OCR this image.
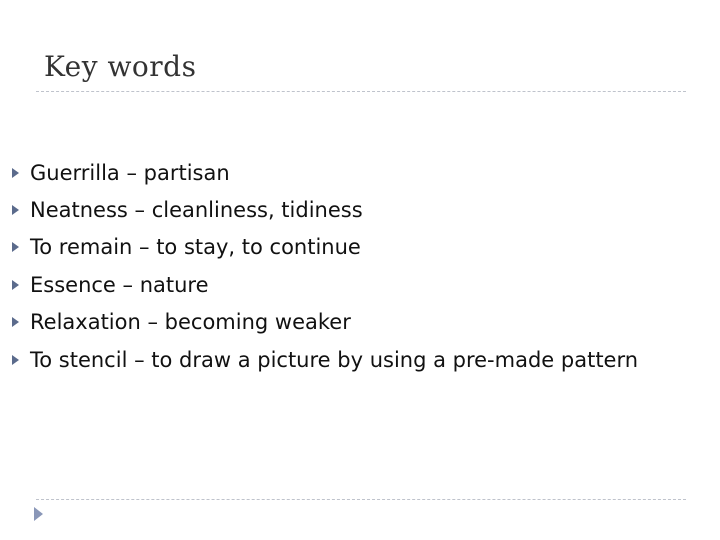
Key words
Guerrilla – partisan
Neatness – cleanliness, tidiness
To remain – to stay, to continue
Essence – nature
Relaxation – becoming weaker
To stencil – to draw a picture by using a pre-made pattern
